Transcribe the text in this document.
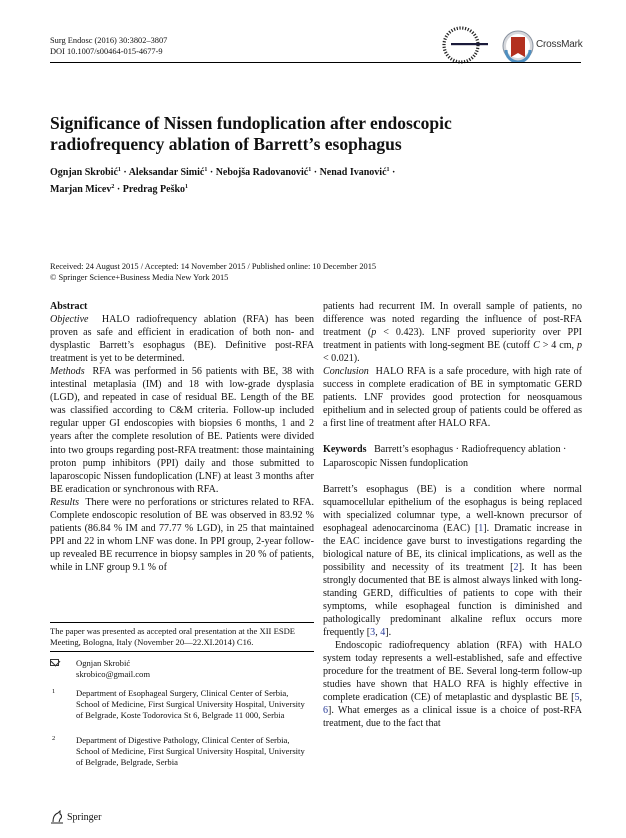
Surg Endosc (2016) 30:3802–3807
DOI 10.1007/s00464-015-4677-9
CrossMark
Significance of Nissen fundoplication after endoscopic
radiofrequency ablation of Barrett’s esophagus
Ognjan Skrobić$^1$ · Aleksandar Simić$^1$ · Nebojša Radovanović$^1$ · Nenad Ivanović$^1$ ·
Marjan Micev$^2$ · Predrag Peško$^1$
Received: 24 August 2015 / Accepted: 14 November 2015 / Published online: 10 December 2015
© Springer Science+Business Media New York 2015

Abstract

Objective HALO radiofrequency ablation (RFA) has been proven as safe and efficient in eradication of both non- and dysplastic Barrett’s esophagus (BE). Definitive post-RFA treatment is yet to be determined.

Methods RFA was performed in 56 patients with BE, 38 with intestinal metaplasia (IM) and 18 with low-grade dysplasia (LGD), and repeated in case of residual BE. Length of the BE was classified according to C&M criteria. Follow-up included regular upper GI endoscopies with biopsies 6 months, 1 and 2 years after the complete resolution of BE. Patients were divided into two groups regarding post-RFA treatment: those maintaining proton pump inhibitors (PPI) daily and those submitted to laparoscopic Nissen fundoplication (LNF) at least 3 months after BE eradication or synchronous with RFA.

Results There were no perforations or strictures related to RFA. Complete endoscopic resolution of BE was observed in 83.92 % patients (86.84 % IM and 77.77 % LGD), in 25 that maintained PPI and 22 in whom LNF was done. In PPI group, 2-year follow-up revealed BE recurrence in biopsy samples in 20 % of patients, while in LNF group 9.1 % of

The paper was presented as accepted oral presentation at the XII ESDE Meeting, Bologna, Italy (November 20—22.XI.2014) C16.
Ognjan Skrobić
skrobico@gmail.com
1 Department of Esophageal Surgery, Clinical Center of Serbia, School of Medicine, First Surgical University Hospital, University of Belgrade, Koste Todorovica St 6, Belgrade 11 000, Serbia
2 Department of Digestive Pathology, Clinical Center of Serbia, School of Medicine, First Surgical University Hospital, University of Belgrade, Belgrade, Serbia

patients had recurrent IM. In overall sample of patients, no difference was noted regarding the influence of post-RFA treatment (p < 0.423). LNF proved superiority over PPI treatment in patients with long-segment BE (cutoff C > 4 cm, p < 0.021).

Conclusion HALO RFA is a safe procedure, with high rate of success in complete eradication of BE in symptomatic GERD patients. LNF provides good protection for neosquamous epithelium and in selected group of patients could be offered as a first line of treatment after HALO RFA.

Keywords Barrett’s esophagus · Radiofrequency ablation · Laparoscopic Nissen fundoplication

Barrett’s esophagus (BE) is a condition where normal squamocellular epithelium of the esophagus is being replaced with specialized columnar type, a well-known precursor of esophageal adenocarcinoma (EAC) [1]. Dramatic increase in the EAC incidence gave burst to investigations regarding the biological nature of BE, its clinical implications, as well as the possibility and necessity of its treatment [2]. It has been strongly documented that BE is almost always linked with long-standing GERD, difficulties of patients to cope with their symptoms, while esophageal function is diminished and pathologically predominant alkaline reflux occurs more frequently [3, 4].

Endoscopic radiofrequency ablation (RFA) with HALO system today represents a well-established, safe and effective procedure for the treatment of BE. Several long-term follow-up studies have shown that HALO RFA is highly effective in complete eradication (CE) of metaplastic and dysplastic BE [5, 6]. What emerges as a clinical issue is a choice of post-RFA treatment, due to the fact that

Springer
